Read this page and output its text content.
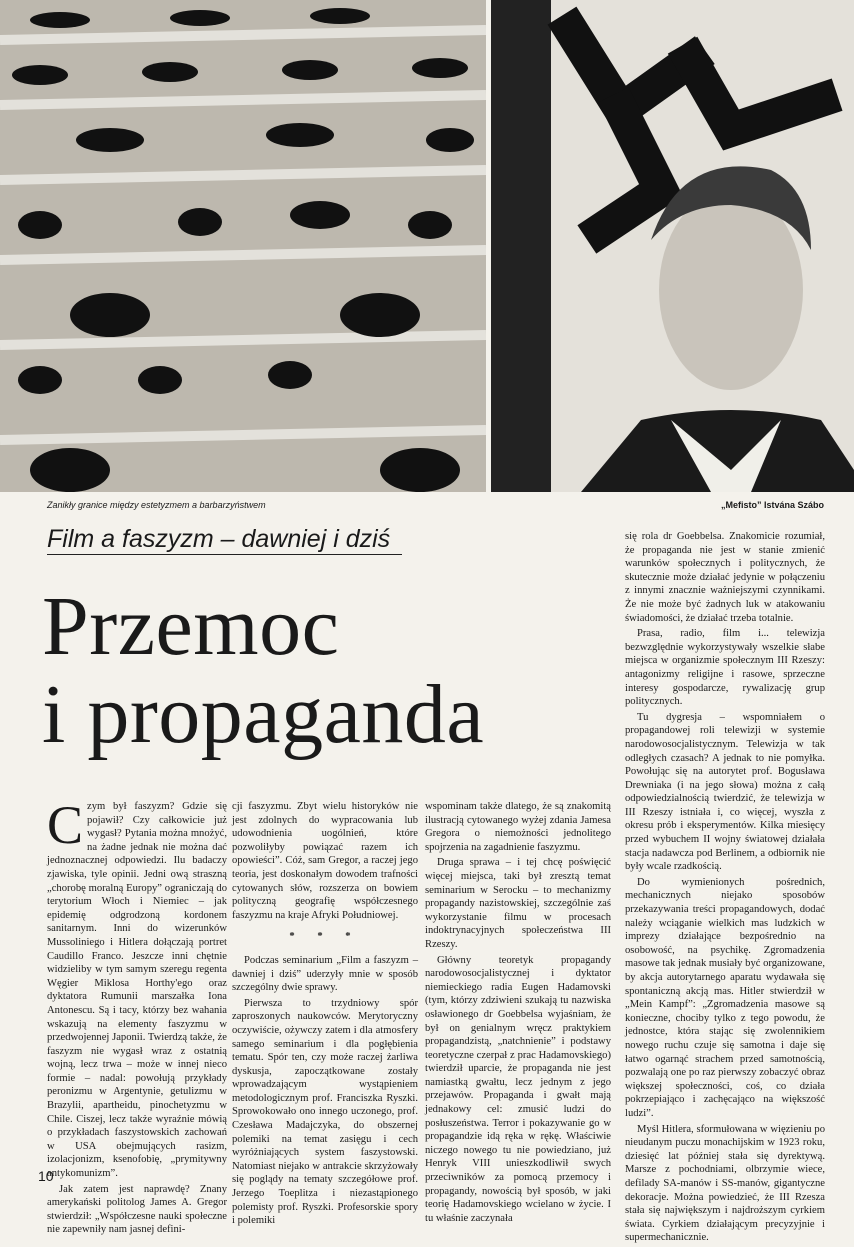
Zanikły granice między estetyzmem a barbarzyństwem	„Mefisto” Istvána Szábo
Film a faszyzm – dawniej i dziś
Przemoc
i propaganda

Czym był faszyzm? Gdzie się pojawił? Czy całkowicie już wygasł? Pytania można mnożyć, na żadne jednak nie można dać jednoznacznej odpowiedzi. Ilu badaczy zjawiska, tyle opinii. Jedni ową straszną „chorobę moralną Europy” ograniczają do terytorium Włoch i Niemiec – jak epidemię odgrodzoną kordonem sanitarnym. Inni do wizerunków Mussoliniego i Hitlera dołączają portret Caudillo Franco. Jeszcze inni chętnie widzieliby w tym samym szeregu regenta Węgier Miklosa Horthy'ego oraz dyktatora Rumunii marszałka Iona Antonescu. Są i tacy, którzy bez wahania wskazują na elementy faszyzmu w przedwojennej Japonii. Twierdzą także, że faszyzm nie wygasł wraz z ostatnią wojną, lecz trwa – może w innej nieco formie – nadal: powołują przykłady peronizmu w Argentynie, getulizmu w Brazylii, apartheidu, pinochetyzmu w Chile. Ciszej, lecz także wyraźnie mówią o przykładach faszystowskich zachowań w USA obejmujących rasizm, izolacjonizm, ksenofobię, „prymitywny antykomunizm”.

Jak zatem jest naprawdę? Znany amerykański politolog James A. Gregor stwierdził: „Współczesne nauki społeczne nie zapewniły nam jasnej defini-

cji faszyzmu. Zbyt wielu historyków nie jest zdolnych do wypracowania lub udowodnienia uogólnień, które pozwoliłyby powiązać razem ich opowieści”. Cóż, sam Gregor, a raczej jego teoria, jest doskonałym dowodem trafności cytowanych słów, rozszerza on bowiem polityczną geografię współczesnego faszyzmu na kraje Afryki Południowej.

* * *

Podczas seminarium „Film a faszyzm – dawniej i dziś” uderzyły mnie w sposób szczególny dwie sprawy.

Pierwsza to trzydniowy spór zaproszonych naukowców. Merytoryczny oczywiście, ożywczy zatem i dla atmosfery samego seminarium i dla pogłębienia tematu. Spór ten, czy może raczej żarliwa dyskusja, zapoczątkowane zostały wprowadzającym wystąpieniem metodologicznym prof. Franciszka Ryszki. Sprowokowało ono innego uczonego, prof. Czesława Madajczyka, do obszernej polemiki na temat zasięgu i cech wyróżniających system faszystowski. Natomiast niejako w antrakcie skrzyżowały się poglądy na tematy szczegółowe prof. Jerzego Toeplitza i niezastąpionego polemisty prof. Ryszki. Profesorskie spory i polemiki

wspominam także dlatego, że są znakomitą ilustracją cytowanego wyżej zdania Jamesa Gregora o niemożności jednolitego spojrzenia na zagadnienie faszyzmu.

Druga sprawa – i tej chcę poświęcić więcej miejsca, taki był zresztą temat seminarium w Serocku – to mechanizmy propagandy nazistowskiej, szczególnie zaś wykorzystanie filmu w procesach indoktrynacyjnych społeczeństwa III Rzeszy.

Główny teoretyk propagandy narodowosocjalistycznej i dyktator niemieckiego radia Eugen Hadamovski (tym, którzy zdziwieni szukają tu nazwiska osławionego dr Goebbelsa wyjaśniam, że był on genialnym wręcz praktykiem propagandzistą, „natchnienie” i podstawy teoretyczne czerpał z prac Hadamovskiego) twierdził uparcie, że propaganda nie jest namiastką gwałtu, lecz jednym z jego przejawów. Propaganda i gwałt mają jednakowy cel: zmusić ludzi do posłuszeństwa. Terror i pokazywanie go w propagandzie idą ręka w rękę. Właściwie niczego nowego tu nie powiedziano, już Henryk VIII unieszkodliwił swych przeciwników za pomocą przemocy i propagandy, nowością był sposób, w jaki teorię Hadamovskiego wcielano w życie. I tu właśnie zaczynała

się rola dr Goebbelsa. Znakomicie rozumiał, że propaganda nie jest w stanie zmienić warunków społecznych i politycznych, że skutecznie może działać jedynie w połączeniu z innymi znacznie ważniejszymi czynnikami. Że nie może być żadnych luk w atakowaniu świadomości, że działać trzeba totalnie.

Prasa, radio, film i... telewizja bezwzględnie wykorzystywały wszelkie słabe miejsca w organizmie społecznym III Rzeszy: antagonizmy religijne i rasowe, sprzeczne interesy gospodarcze, rywalizację grup politycznych.

Tu dygresja – wspomniałem o propagandowej roli telewizji w systemie narodowosocjalistycznym. Telewizja w tak odległych czasach? A jednak to nie pomyłka. Powołując się na autorytet prof. Bogusława Drewniaka (i na jego słowa) można z całą odpowiedzialnością twierdzić, że telewizja w III Rzeszy istniała i, co więcej, wyszła z okresu prób i eksperymentów. Kilka miesięcy przed wybuchem II wojny światowej działała stacja nadawcza pod Berlinem, a odbiornik nie były wcale rzadkością.

Do wymienionych pośrednich, mechanicznych niejako sposobów przekazywania treści propagandowych, dodać należy wciąganie wielkich mas ludzkich w imprezy działające bezpośrednio na osobowość, na psychikę. Zgromadzenia masowe tak jednak musiały być organizowane, by akcja autorytarnego aparatu wydawała się spontaniczną akcją mas. Hitler stwierdził w „Mein Kampf”: „Zgromadzenia masowe są konieczne, chociby tylko z tego powodu, że jednostce, która stając się zwolennikiem nowego ruchu czuje się samotna i daje się łatwo ogarnąć strachem przed samotnością, pozwalają one po raz pierwszy zobaczyć obraz większej społeczności, coś, co działa pokrzepiająco i zachęcająco na większość ludzi”.

Myśl Hitlera, sformułowana w więzieniu po nieudanym puczu monachijskim w 1923 roku, dziesięć lat później stała się dyrektywą. Marsze z pochodniami, olbrzymie wiece, defilady SA-manów i SS-manów, gigantyczne dekoracje. Można powiedzieć, że III Rzesza stała się największym i najdroższym cyrkiem świata. Cyrkiem działającym precyzyjnie i supermechanicznie.

10
